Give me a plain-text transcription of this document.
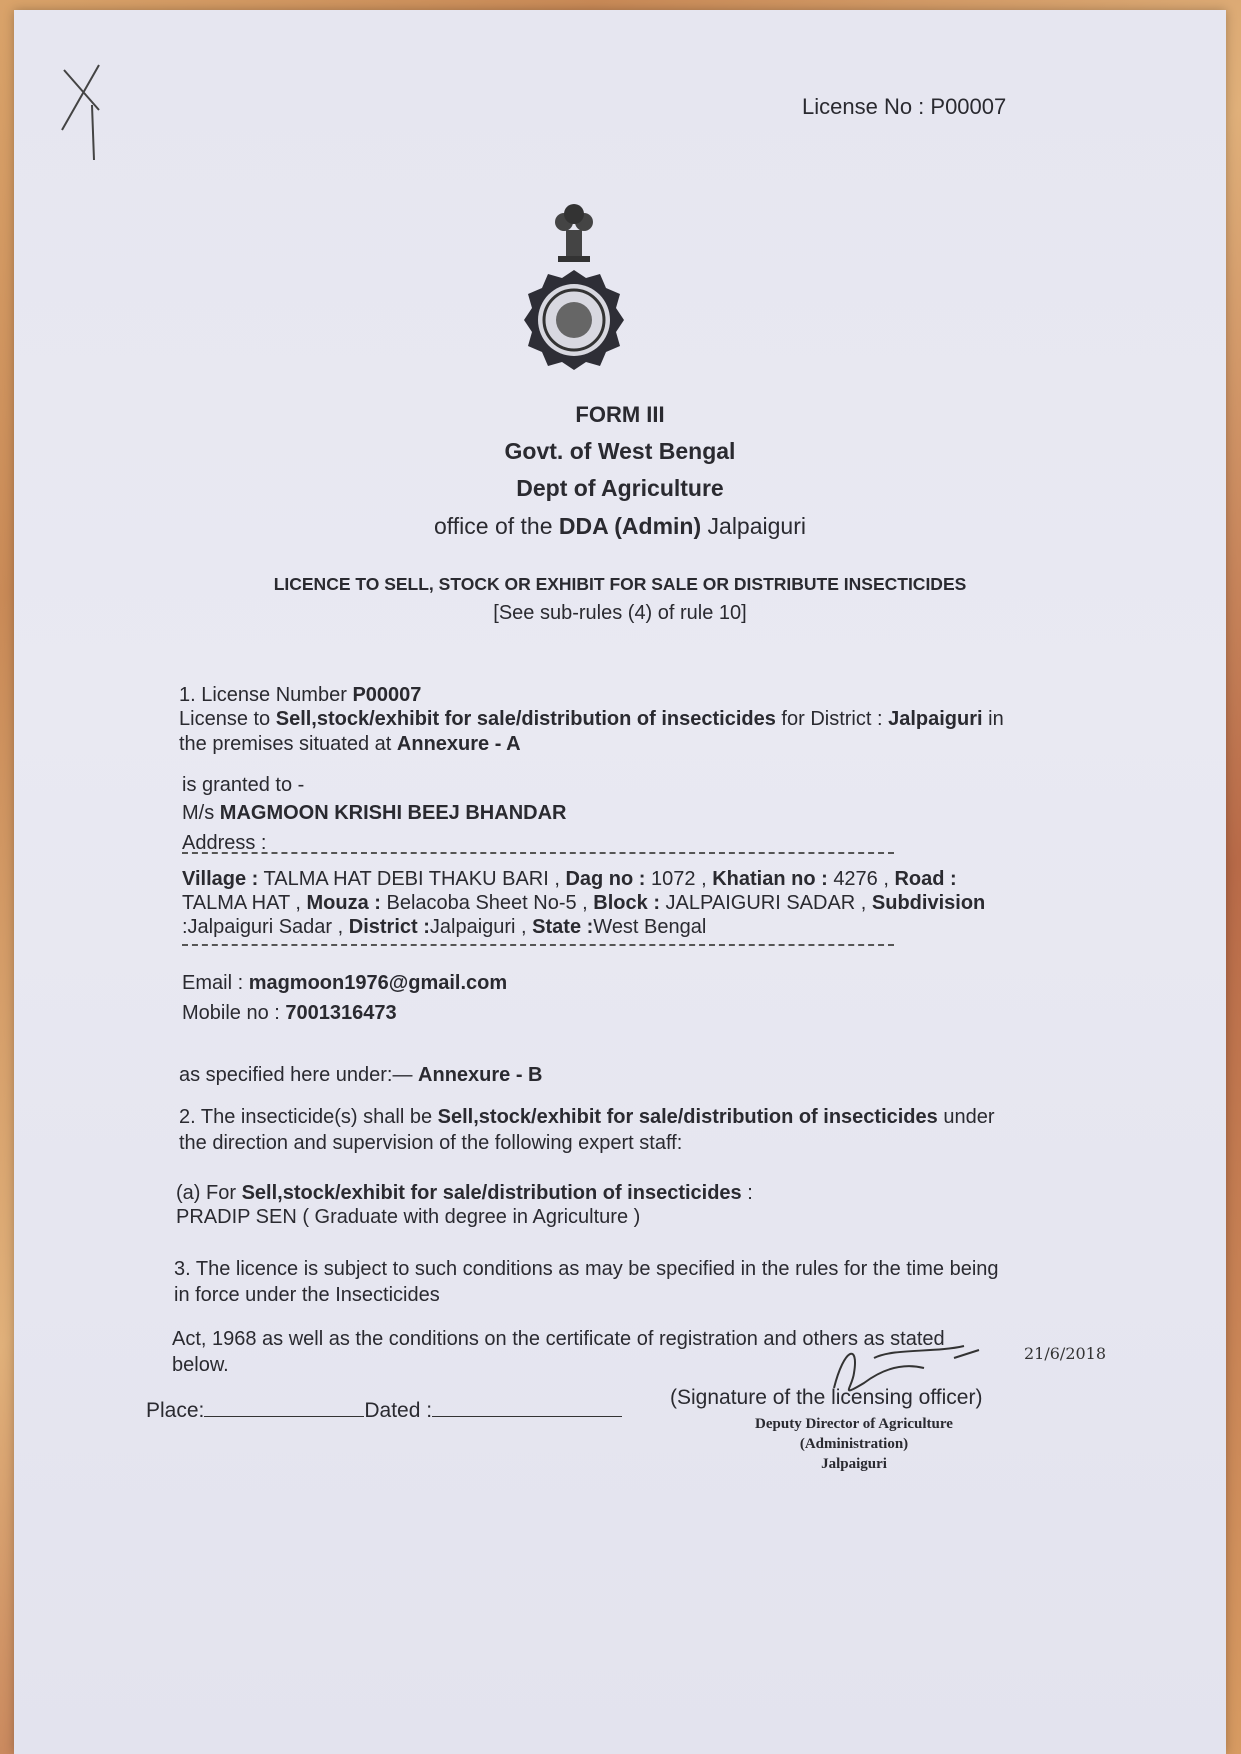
License No : P00007
FORM III
Govt. of West Bengal
Dept of Agriculture
office of the DDA (Admin) Jalpaiguri
LICENCE TO SELL, STOCK OR EXHIBIT FOR SALE OR DISTRIBUTE INSECTICIDES
[See sub-rules (4) of rule 10]
1. License Number P00007
License to Sell,stock/exhibit for sale/distribution of insecticides for District : Jalpaiguri in
the premises situated at Annexure - A
is granted to -
M/s MAGMOON KRISHI BEEJ BHANDAR
Address :
Village : TALMA HAT DEBI THAKU BARI , Dag no : 1072 , Khatian no : 4276 , Road :
TALMA HAT , Mouza : Belacoba Sheet No-5 , Block : JALPAIGURI SADAR , Subdivision
:Jalpaiguri Sadar , District :Jalpaiguri , State :West Bengal
Email : magmoon1976@gmail.com
Mobile no : 7001316473
as specified here under:— Annexure - B
2. The insecticide(s) shall be Sell,stock/exhibit for sale/distribution of insecticides under
the direction and supervision of the following expert staff:
(a) For Sell,stock/exhibit for sale/distribution of insecticides :
PRADIP SEN ( Graduate with degree in Agriculture )
3. The licence is subject to such conditions as may be specified in the rules for the time being
in force under the Insecticides
Act, 1968 as well as the conditions on the certificate of registration and others as stated
below.
Place:	Dated :
21/6/2018
(Signature of the licensing officer)
Deputy Director of Agriculture
(Administration)
Jalpaiguri
